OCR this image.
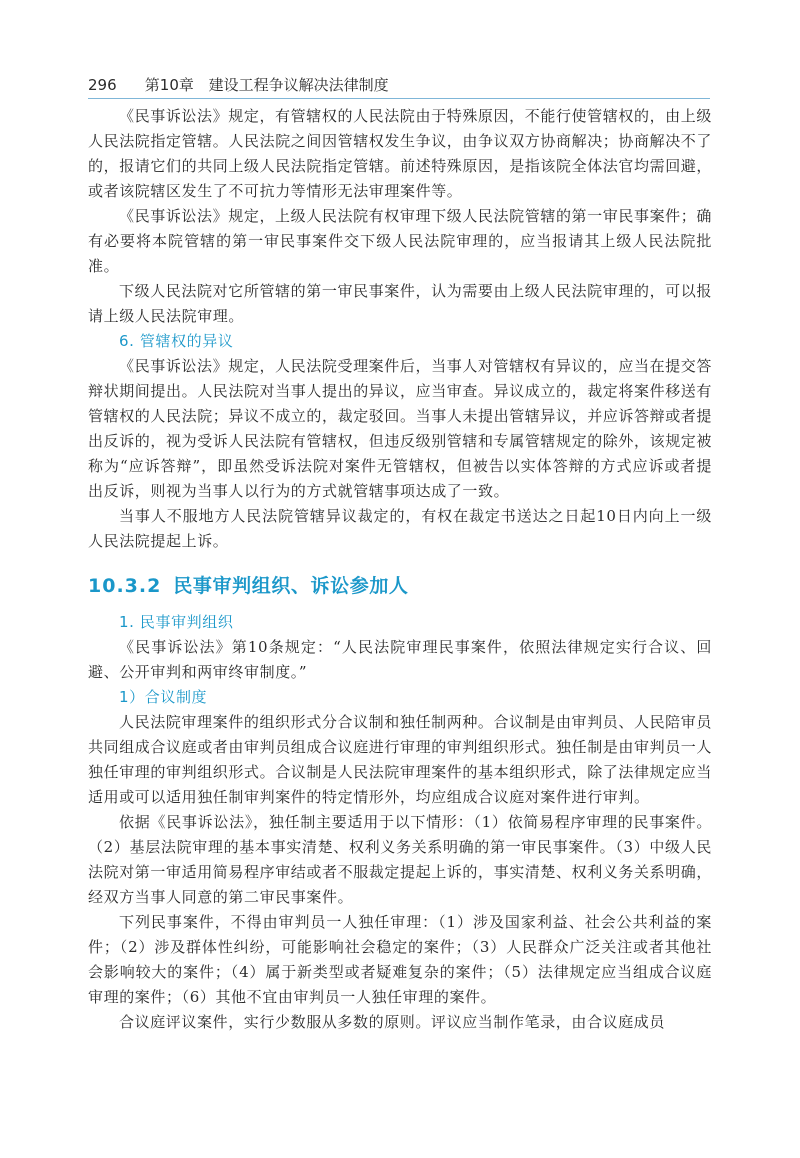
296 第10章 建设工程争议解决法律制度

《民事诉讼法》规定，有管辖权的人民法院由于特殊原因，不能行使管辖权的，由上级人民法院指定管辖。人民法院之间因管辖权发生争议，由争议双方协商解决；协商解决不了的，报请它们的共同上级人民法院指定管辖。前述特殊原因，是指该院全体法官均需回避，或者该院辖区发生了不可抗力等情形无法审理案件等。

《民事诉讼法》规定，上级人民法院有权审理下级人民法院管辖的第一审民事案件；确有必要将本院管辖的第一审民事案件交下级人民法院审理的，应当报请其上级人民法院批准。

下级人民法院对它所管辖的第一审民事案件，认为需要由上级人民法院审理的，可以报请上级人民法院审理。

6. 管辖权的异议

《民事诉讼法》规定，人民法院受理案件后，当事人对管辖权有异议的，应当在提交答辩状期间提出。人民法院对当事人提出的异议，应当审查。异议成立的，裁定将案件移送有管辖权的人民法院；异议不成立的，裁定驳回。当事人未提出管辖异议，并应诉答辩或者提出反诉的，视为受诉人民法院有管辖权，但违反级别管辖和专属管辖规定的除外，该规定被称为“应诉答辩”，即虽然受诉法院对案件无管辖权，但被告以实体答辩的方式应诉或者提出反诉，则视为当事人以行为的方式就管辖事项达成了一致。

当事人不服地方人民法院管辖异议裁定的，有权在裁定书送达之日起10日内向上一级人民法院提起上诉。

10.3.2 民事审判组织、诉讼参加人
1. 民事审判组织

《民事诉讼法》第10条规定：“人民法院审理民事案件，依照法律规定实行合议、回避、公开审判和两审终审制度。”

1）合议制度

人民法院审理案件的组织形式分合议制和独任制两种。合议制是由审判员、人民陪审员共同组成合议庭或者由审判员组成合议庭进行审理的审判组织形式。独任制是由审判员一人独任审理的审判组织形式。合议制是人民法院审理案件的基本组织形式，除了法律规定应当适用或可以适用独任制审判案件的特定情形外，均应组成合议庭对案件进行审判。

依据《民事诉讼法》，独任制主要适用于以下情形：（1）依简易程序审理的民事案件。（2）基层法院审理的基本事实清楚、权利义务关系明确的第一审民事案件。（3）中级人民法院对第一审适用简易程序审结或者不服裁定提起上诉的，事实清楚、权利义务关系明确，经双方当事人同意的第二审民事案件。

下列民事案件，不得由审判员一人独任审理：（1）涉及国家利益、社会公共利益的案件；（2）涉及群体性纠纷，可能影响社会稳定的案件；（3）人民群众广泛关注或者其他社会影响较大的案件；（4）属于新类型或者疑难复杂的案件；（5）法律规定应当组成合议庭审理的案件；（6）其他不宜由审判员一人独任审理的案件。

合议庭评议案件，实行少数服从多数的原则。评议应当制作笔录，由合议庭成员
